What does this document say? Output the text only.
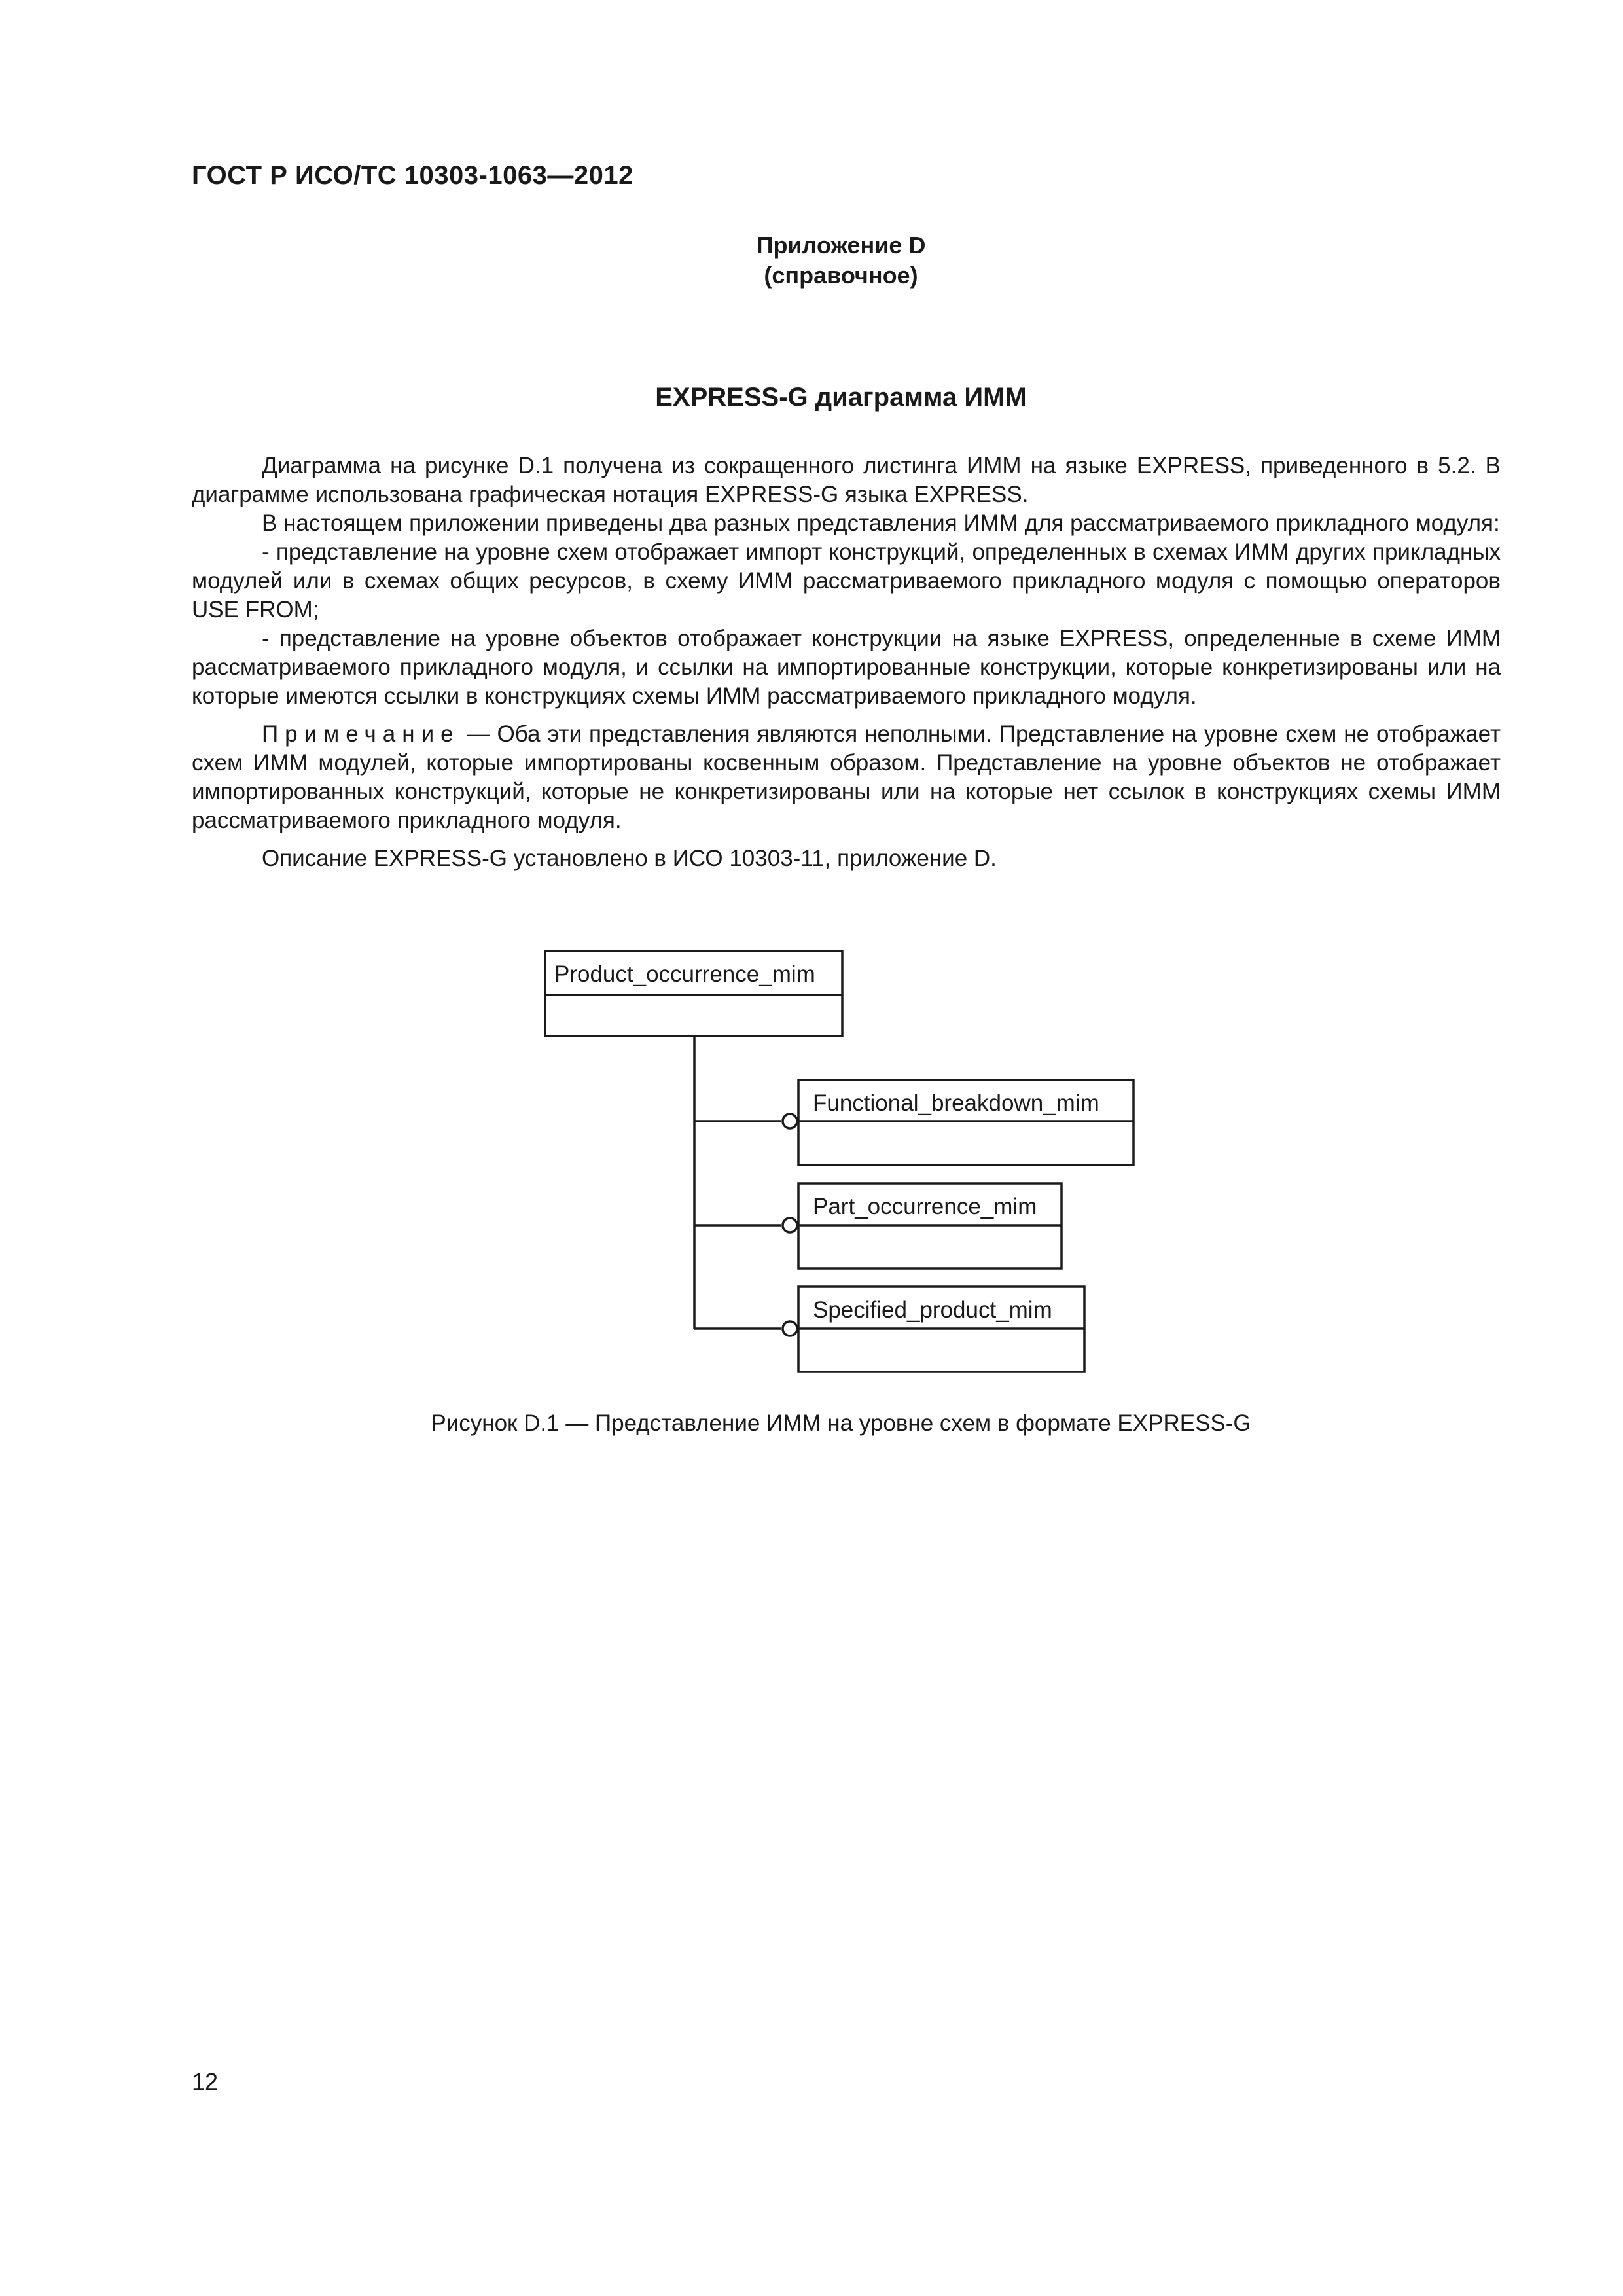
ГОСТ Р ИСО/ТС 10303-1063—2012
Приложение D
(справочное)
EXPRESS-G диаграмма ИММ

Диаграмма на рисунке D.1 получена из сокращенного листинга ИММ на языке EXPRESS, приведенного в 5.2. В диаграмме использована графическая нотация EXPRESS-G языка EXPRESS.

В настоящем приложении приведены два разных представления ИММ для рассматриваемого прикладного модуля:

- представление на уровне схем отображает импорт конструкций, определенных в схемах ИММ других прикладных модулей или в схемах общих ресурсов, в схему ИММ рассматриваемого прикладного модуля с помощью операторов USE FROM;

- представление на уровне объектов отображает конструкции на языке EXPRESS, определенные в схеме ИММ рассматриваемого прикладного модуля, и ссылки на импортированные конструкции, которые конкретизированы или на которые имеются ссылки в конструкциях схемы ИММ рассматриваемого прикладного модуля.

Примечание — Оба эти представления являются неполными. Представление на уровне схем не отображает схем ИММ модулей, которые импортированы косвенным образом. Представление на уровне объектов не отображает импортированных конструкций, которые не конкретизированы или на которые нет ссылок в конструкциях схемы ИММ рассматриваемого прикладного модуля.

Описание EXPRESS-G установлено в ИСО 10303-11, приложение D.

Product_occurrence_mim
Functional_breakdown_mim
Part_occurrence_mim
Specified_product_mim
Рисунок D.1 — Представление ИММ на уровне схем в формате EXPRESS-G
12
